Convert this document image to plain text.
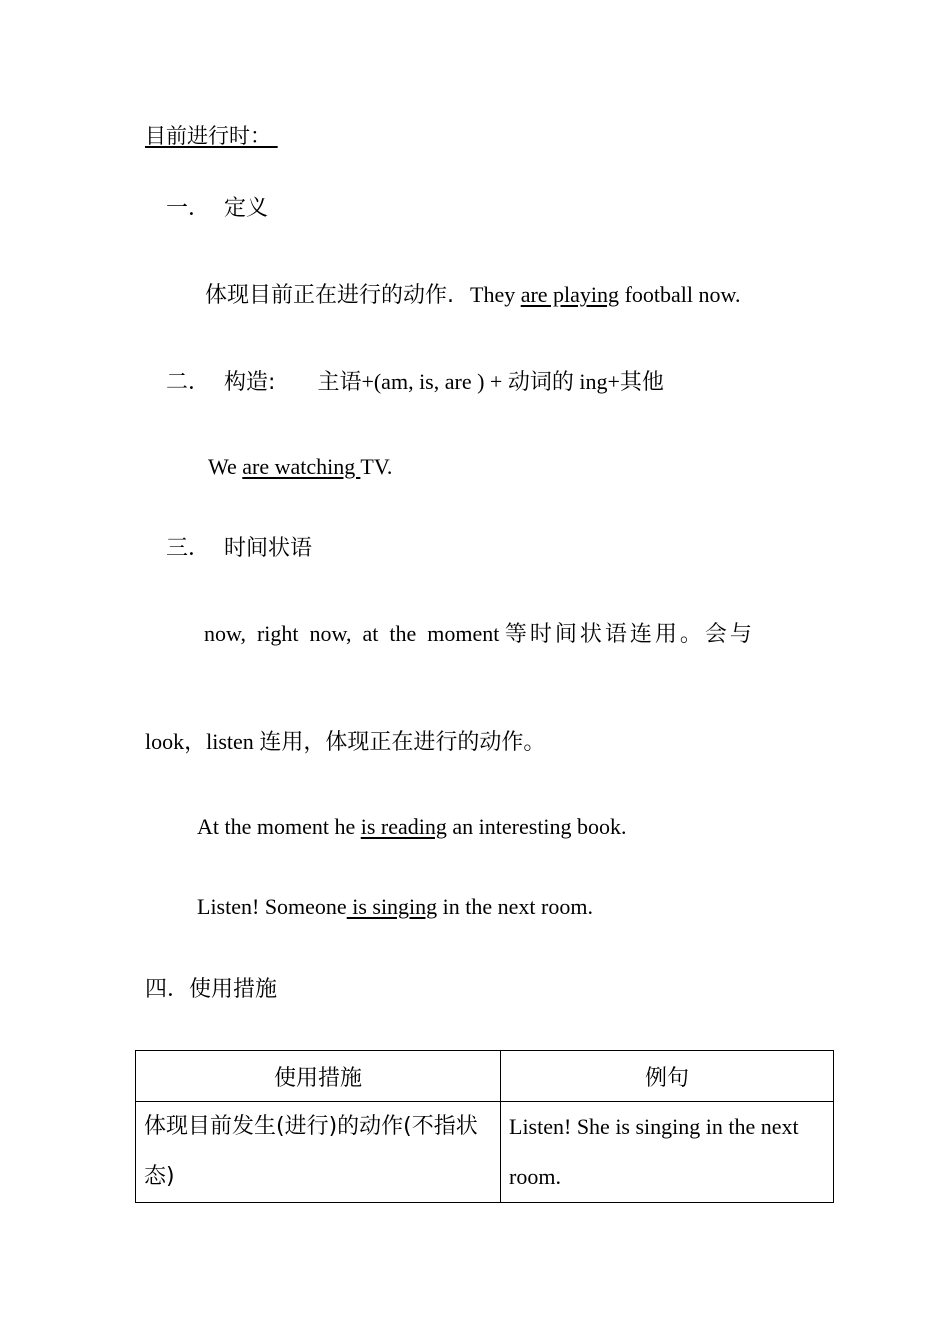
目前进行时：
一． 定义
体现目前正在进行的动作. They are playing football now.
二． 构造: 主语+(am, is, are ) + 动词的 ing+其他
We are watching TV.
三． 时间状语
now,  right  now,  at  the  moment 等时间状语连用。会与
look，listen 连用，体现正在进行的动作。
At the moment he is reading an interesting book.
Listen! Someone is singing in the next room.
四．使用措施
使用措施	例句
体现目前发生(进行)的动作(不指状态)	Listen! She is singing in the next room.
